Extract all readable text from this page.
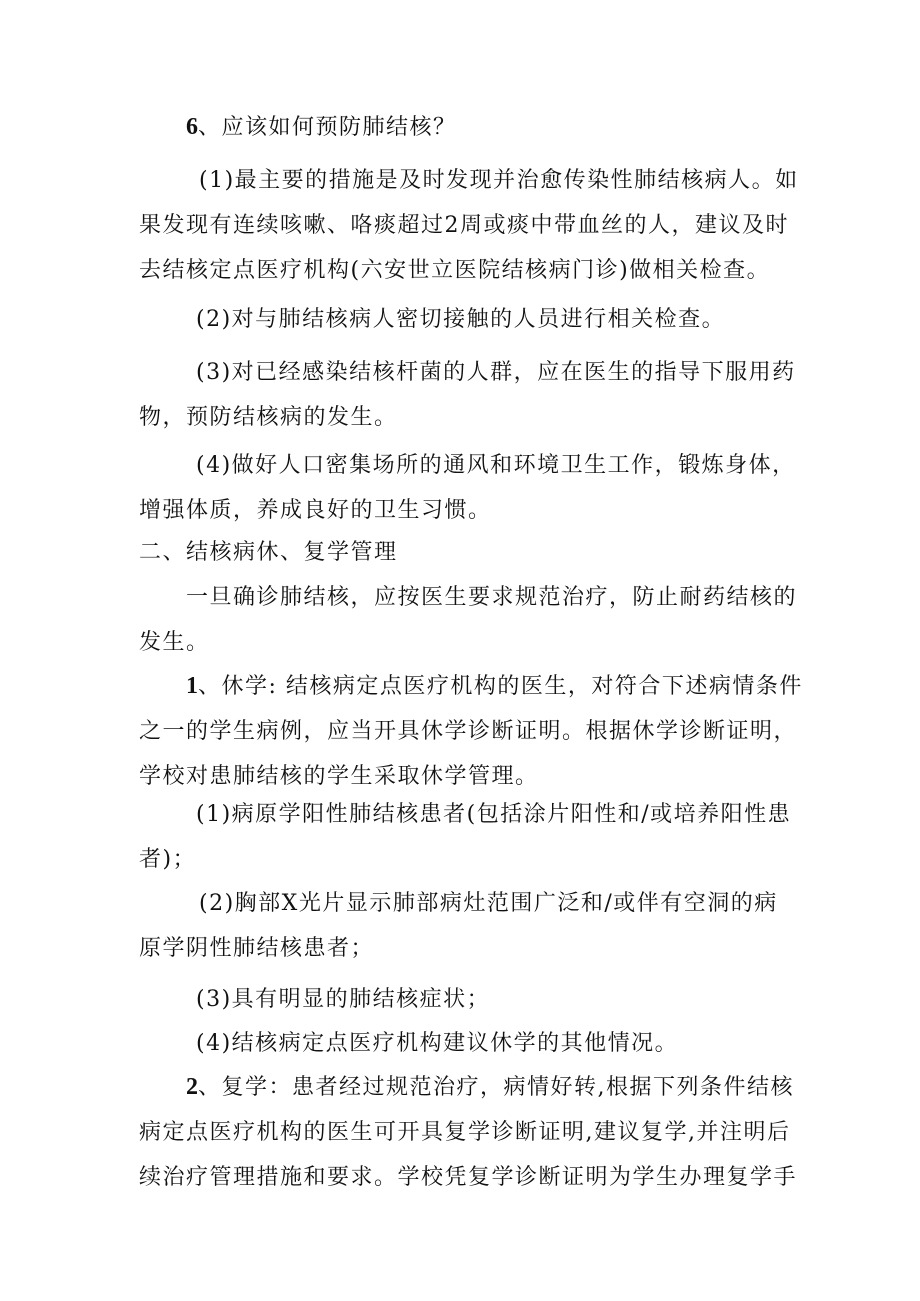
6、应该如何预防肺结核？
(1)最主要的措施是及时发现并治愈传染性肺结核病人。如
果发现有连续咳嗽、咯痰超过2周或痰中带血丝的人，建议及时
去结核定点医疗机构(六安世立医院结核病门诊)做相关检查。
(2)对与肺结核病人密切接触的人员进行相关检查。
(3)对已经感染结核杆菌的人群，应在医生的指导下服用药
物，预防结核病的发生。
(4)做好人口密集场所的通风和环境卫生工作，锻炼身体，
增强体质，养成良好的卫生习惯。
二、结核病休、复学管理
一旦确诊肺结核，应按医生要求规范治疗，防止耐药结核的
发生。
1、休学: 结核病定点医疗机构的医生，对符合下述病情条件
之一的学生病例，应当开具休学诊断证明。根据休学诊断证明，
学校对患肺结核的学生采取休学管理。
(1)病原学阳性肺结核患者(包括涂片阳性和/或培养阳性患
者)；
(2)胸部X光片显示肺部病灶范围广泛和/或伴有空洞的病
原学阴性肺结核患者；
(3)具有明显的肺结核症状；
(4)结核病定点医疗机构建议休学的其他情况。
2、复学：患者经过规范治疗，病情好转,根据下列条件结核
病定点医疗机构的医生可开具复学诊断证明,建议复学,并注明后
续治疗管理措施和要求。学校凭复学诊断证明为学生办理复学手
